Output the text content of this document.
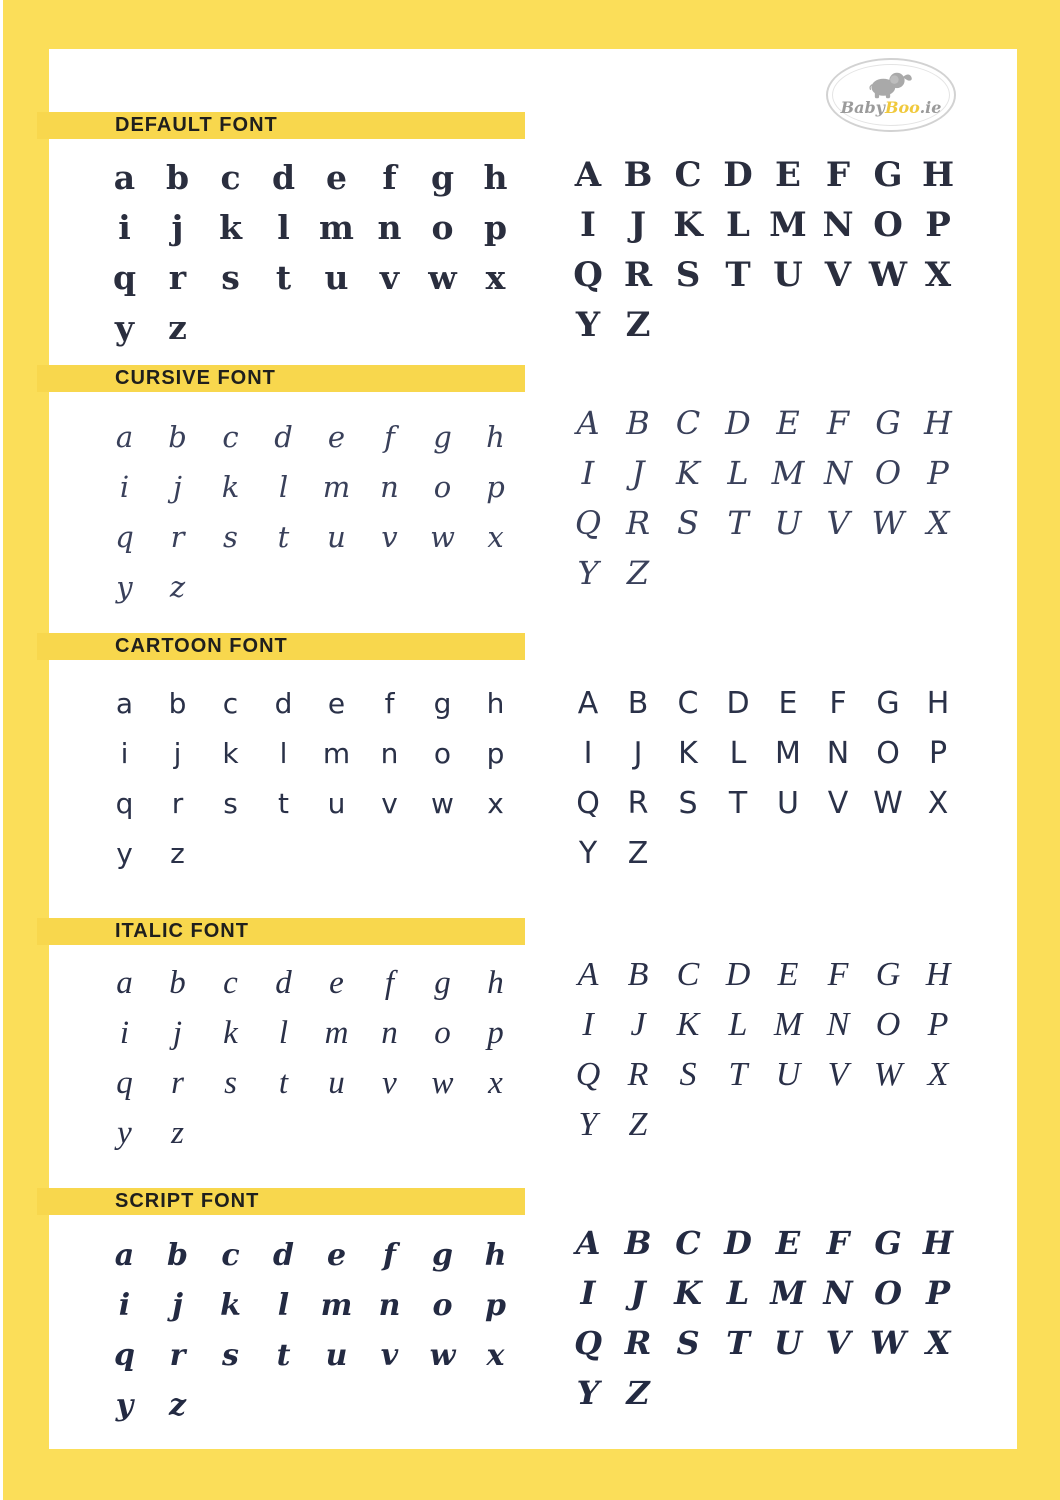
BabyBoo.ie
DEFAULT FONT
a b c d e	f	g h
i	j	k	l m n o p
q r	s	t	u v w x
y	z
A B C D E F G H
I	J K L M N O P
Q R S T U V W X
Y Z
CURSIVE FONT
a	b	c	d	e	f	g	h
i	j	k	l	m	n	o	p
q	r	s	t	u	v	w	x
y	z
A B C D E F G H
I	J K L M N O P
Q R S T U V W X
Y Z
CARTOON FONT
a	b	c	d	e	f	g	h
i	j	k	l	m	n	o	p
q	r	s	t	u	v	w	x
y	z
A B C D E	F G H
I	J	K	L M N O P
Q R	S	T U V W X
Y	Z
ITALIC FONT
a	b	c	d	e	f	g	h
i	j	k	l	m n	o	p
q	r	s	t	u	v	w	x
y	z
A B C D E F G H
I	J K L M N O P
Q R S T U V W X
Y Z
SCRIPT FONT
a	b	c	d	e	f	g	h
i	j	k	l	m n	o	p
q	r	s	t	u	v	w	x
y	z
A B C D E F G H
I	J K L M N O P
Q R S T U V W X
Y Z
